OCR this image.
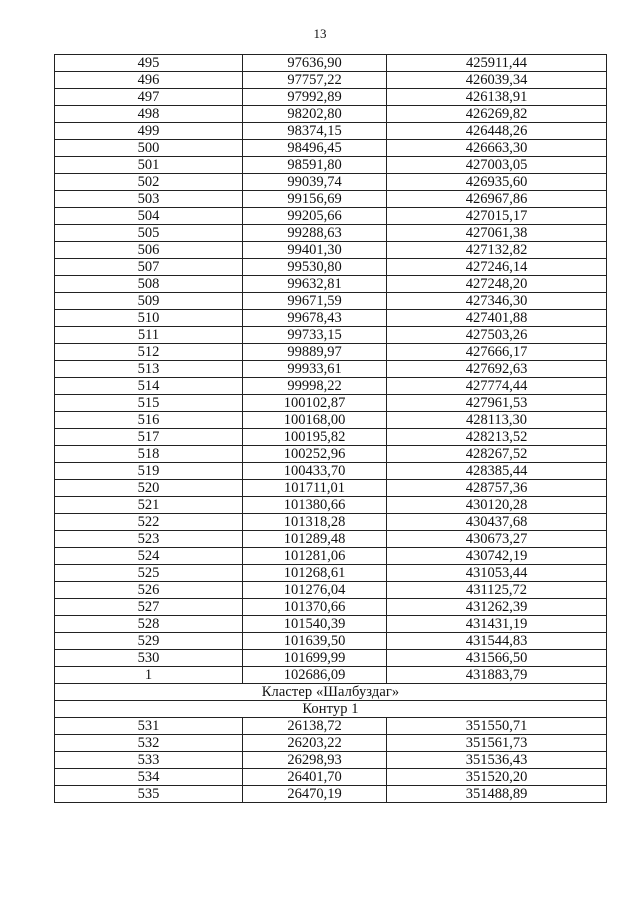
13
495	97636,90	425911,44
496	97757,22	426039,34
497	97992,89	426138,91
498	98202,80	426269,82
499	98374,15	426448,26
500	98496,45	426663,30
501	98591,80	427003,05
502	99039,74	426935,60
503	99156,69	426967,86
504	99205,66	427015,17
505	99288,63	427061,38
506	99401,30	427132,82
507	99530,80	427246,14
508	99632,81	427248,20
509	99671,59	427346,30
510	99678,43	427401,88
511	99733,15	427503,26
512	99889,97	427666,17
513	99933,61	427692,63
514	99998,22	427774,44
515	100102,87	427961,53
516	100168,00	428113,30
517	100195,82	428213,52
518	100252,96	428267,52
519	100433,70	428385,44
520	101711,01	428757,36
521	101380,66	430120,28
522	101318,28	430437,68
523	101289,48	430673,27
524	101281,06	430742,19
525	101268,61	431053,44
526	101276,04	431125,72
527	101370,66	431262,39
528	101540,39	431431,19
529	101639,50	431544,83
530	101699,99	431566,50
1	102686,09	431883,79
Кластер «Шалбуздаг»		
Контур 1		
531	26138,72	351550,71
532	26203,22	351561,73
533	26298,93	351536,43
534	26401,70	351520,20
535	26470,19	351488,89
